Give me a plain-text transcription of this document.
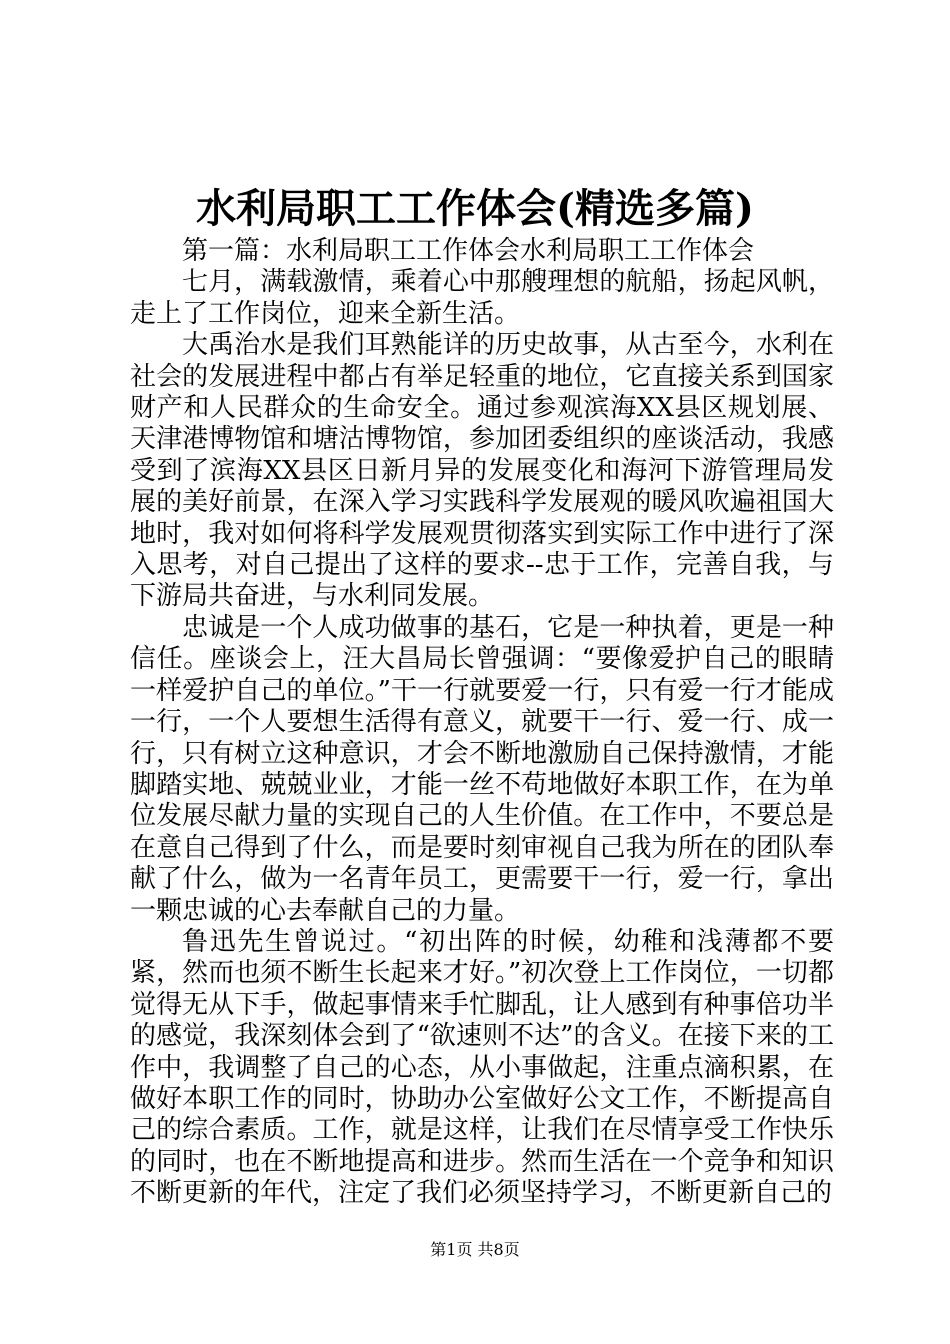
水利局职工工作体会(精选多篇)

第一篇：水利局职工工作体会水利局职工工作体会

七月，满载激情，乘着心中那艘理想的航船，扬起风帆，走上了工作岗位，迎来全新生活。

大禹治水是我们耳熟能详的历史故事，从古至今，水利在社会的发展进程中都占有举足轻重的地位，它直接关系到国家财产和人民群众的生命安全。通过参观滨海XX县区规划展、天津港博物馆和塘沽博物馆，参加团委组织的座谈活动，我感受到了滨海XX县区日新月异的发展变化和海河下游管理局发展的美好前景，在深入学习实践科学发展观的暖风吹遍祖国大地时，我对如何将科学发展观贯彻落实到实际工作中进行了深入思考，对自己提出了这样的要求--忠于工作，完善自我，与下游局共奋进，与水利同发展。

忠诚是一个人成功做事的基石，它是一种执着，更是一种信任。座谈会上，汪大昌局长曾强调：“要像爱护自己的眼睛一样爱护自己的单位。”干一行就要爱一行，只有爱一行才能成一行，一个人要想生活得有意义，就要干一行、爱一行、成一行，只有树立这种意识，才会不断地激励自己保持激情，才能脚踏实地、兢兢业业，才能一丝不苟地做好本职工作，在为单位发展尽献力量的实现自己的人生价值。在工作中，不要总是在意自己得到了什么，而是要时刻审视自己我为所在的团队奉献了什么，做为一名青年员工，更需要干一行，爱一行，拿出一颗忠诚的心去奉献自己的力量。

鲁迅先生曾说过。“初出阵的时候，幼稚和浅薄都不要紧，然而也须不断生长起来才好。”初次登上工作岗位，一切都觉得无从下手，做起事情来手忙脚乱，让人感到有种事倍功半的感觉，我深刻体会到了“欲速则不达”的含义。在接下来的工作中，我调整了自己的心态，从小事做起，注重点滴积累，在做好本职工作的同时，协助办公室做好公文工作，不断提高自己的综合素质。工作，就是这样，让我们在尽情享受工作快乐的同时，也在不断地提高和进步。然而生活在一个竞争和知识不断更新的年代，注定了我们必须坚持学习，不断更新自己的

第1页 共8页
